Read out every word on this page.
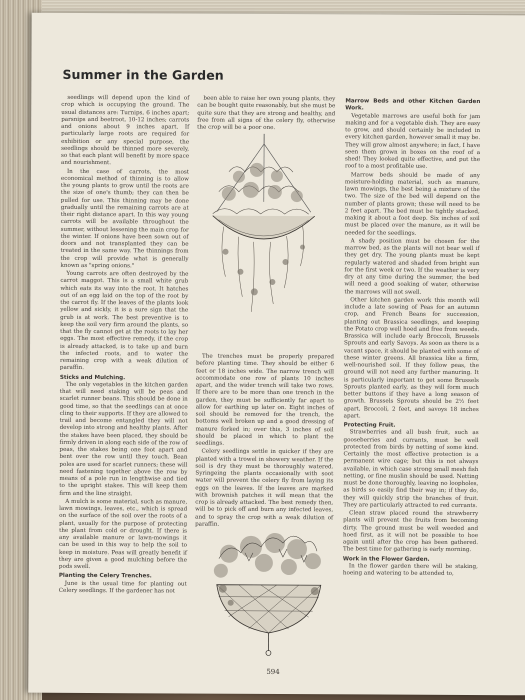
Summer in the Garden

seedlings will depend upon the kind of crop which is occupying the ground. The usual distances are: Turnips, 6 inches apart; parsnips and beetroot, 10-12 inches; carrots and onions about 9 inches apart. If particularly large roots are required for exhibition or any special purpose, the seedlings should be thinned more severely, so that each plant will benefit by more space and nourishment.

In the case of carrots, the most economical method of thinning is to allow the young plants to grow until the roots are the size of one's thumb; they can then be pulled for use. This thinning may be done gradually until the remaining carrots are at their right distance apart. In this way young carrots will be available throughout the summer, without lessening the main crop for the winter. If onions have been sown out of doors and not transplanted they can be treated in the same way. The thinnings from the crop will provide what is generally known as "spring onions."

Young carrots are often destroyed by the carrot maggot. This is a small white grub which eats its way into the root. It hatches out of an egg laid on the top of the root by the carrot fly. If the leaves of the plants look yellow and sickly, it is a sure sign that the grub is at work. The best preventive is to keep the soil very firm around the plants, so that the fly cannot get at the roots to lay her eggs. The most effective remedy, if the crop is already attacked, is to take up and burn the infected roots, and to water the remaining crop with a weak dilution of paraffin.

Sticks and Mulching.

The only vegetables in the kitchen garden that will need staking will be peas and scarlet runner beans. This should be done in good time, so that the seedlings can at once cling to their supports. If they are allowed to trail and become entangled they will not develop into strong and healthy plants. After the stakes have been placed, they should be firmly driven in along each side of the row of peas, the stakes being one foot apart and bent over the row until they touch. Bean poles are used for scarlet runners; these will need fastening together above the row by means of a pole run in lengthwise and tied to the upright stakes. This will keep them firm and the line straight.

A mulch is some material, such as manure, lawn mowings, leaves, etc., which is spread on the surface of the soil over the roots of a plant, usually for the purpose of protecting the plant from cold or drought. If there is any available manure or lawn-mowings it can be used in this way to help the soil to keep in moisture. Peas will greatly benefit if they are given a good mulching before the pods swell.

Planting the Celery Trenches.

June is the usual time for planting out Celery seedlings. If the gardener has not

been able to raise her own young plants, they can be bought quite reasonably, but she must be quite sure that they are strong and healthy, and free from all signs of the celery fly, otherwise the crop will be a poor one.

The trenches must be properly prepared before planting time. They should be either 6 feet or 18 inches wide. The narrow trench will accommodate one row of plants 10 inches apart, and the wider trench will take two rows. If there are to be more than one trench in the garden, they must be sufficiently far apart to allow for earthing up later on. Eight inches of soil should be removed for the trench, the bottoms well broken up and a good dressing of manure forked in; over this, 3 inches of soil should be placed in which to plant the seedlings.

Celery seedlings settle in quicker if they are planted with a trowel in showery weather. If the soil is dry they must be thoroughly watered. Syringeing the plants occasionally with soot water will prevent the celery fly from laying its eggs on the leaves. If the leaves are marked with brownish patches it will mean that the crop is already attacked. The best remedy then, will be to pick off and burn any infected leaves, and to spray the crop with a weak dilution of paraffin.

Marrow Beds and other Kitchen Garden Work.

Vegetable marrows are useful both for jam making and for a vegetable dish. They are easy to grow, and should certainly be included in every kitchen garden, however small it may be. They will grow almost anywhere; in fact, I have seen them grown in boxes on the roof of a shed! They looked quite effective, and put the roof to a most profitable use.

Marrow beds should be made of any moisture-holding material, such as manure, lawn mowings, the best being a mixture of the two. The size of the bed will depend on the number of plants grown; these will need to be 2 feet apart. The bed must be tightly stacked, making it about a foot deep. Six inches of soil must be placed over the manure, as it will be needed for the seedlings.

A shady position must be chosen for the marrow bed, as the plants will not bear well if they get dry. The young plants must be kept regularly watered and shaded from bright sun for the first week or two. If the weather is very dry at any time during the summer, the bed will need a good soaking of water, otherwise the marrows will not swell.

Other kitchen garden work this month will include a late sowing of Peas for an autumn crop, and French Beans for succession, planting out Brassica seedlings, and keeping the Potato crop well hoed and free from weeds. Brassica will include early Broccoli, Brussels Sprouts and early Savoys. As soon as there is a vacant space, it should be planted with some of these winter greens. All brassica like a firm, well-nourished soil. If they follow peas, the ground will not need any further manuring. It is particularly important to get some Brussels Sprouts planted early, as they will form much better buttons if they have a long season of growth. Brussels Sprouts should be 2½ feet apart, Broccoli, 2 feet, and savoys 18 inches apart.

Protecting Fruit.

Strawberries and all bush fruit, such as gooseberries and currants, must be well protected from birds by netting of some kind. Certainly the most effective protection is a permanent wire cage; but this is not always available, in which case strong small mesh fish netting, or fine muslin should be used. Netting must be done thoroughly, leaving no loopholes, as birds so easily find their way in; if they do, they will quickly strip the branches of fruit. They are particularly attracted to red currants.

Clean straw placed round the strawberry plants will prevent the fruits from becoming dirty. The ground must be well weeded and hoed first, as it will not be possible to hoe again until after the crop has been gathered. The best time for gathering is early morning.

Work in the Flower Garden.

In the flower garden there will be staking, hoeing and watering to be attended to,

594
